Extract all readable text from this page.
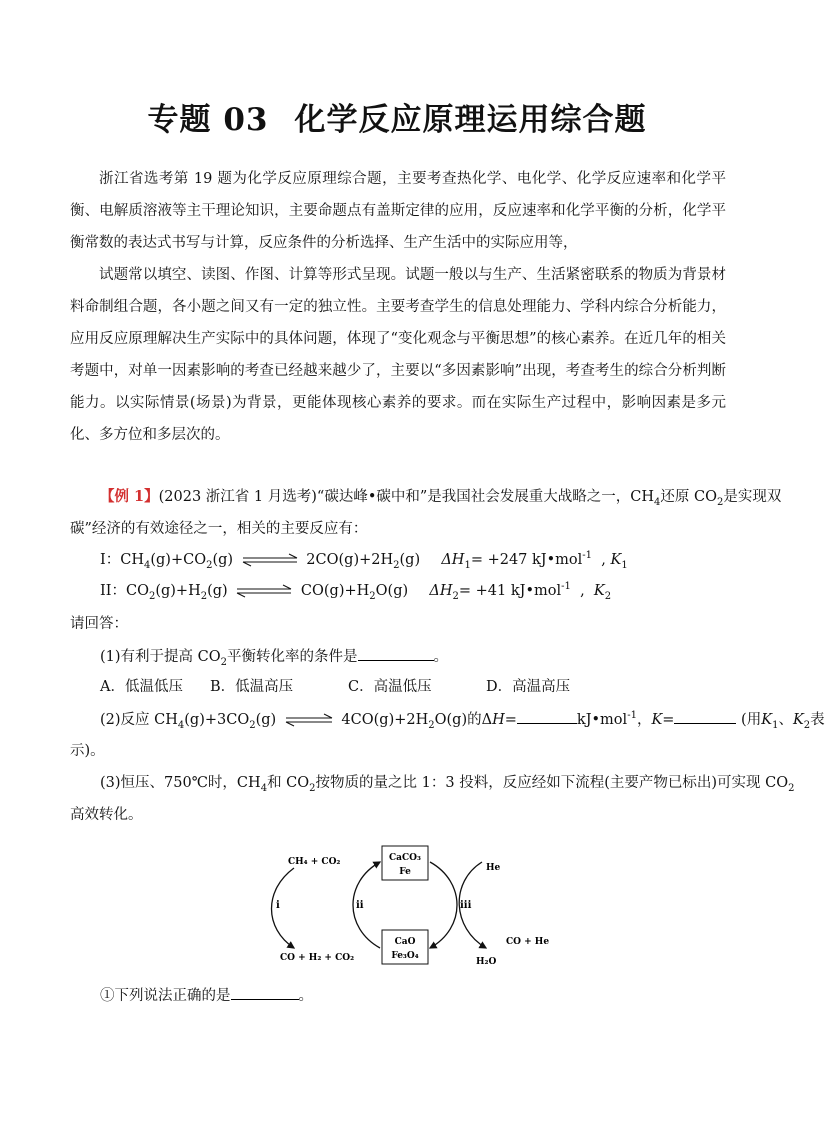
专题 03 化学反应原理运用综合题

浙江省选考第 19 题为化学反应原理综合题，主要考查热化学、电化学、化学反应速率和化学平衡、电解质溶液等主干理论知识，主要命题点有盖斯定律的应用，反应速率和化学平衡的分析，化学平衡常数的表达式书写与计算，反应条件的分析选择、生产生活中的实际应用等，

试题常以填空、读图、作图、计算等形式呈现。试题一般以与生产、生活紧密联系的物质为背景材料命制组合题，各小题之间又有一定的独立性。主要考查学生的信息处理能力、学科内综合分析能力，应用反应原理解决生产实际中的具体问题，体现了“变化观念与平衡思想”的核心素养。在近几年的相关考题中，对单一因素影响的考查已经越来越少了，主要以“多因素影响”出现，考查考生的综合分析判断能力。以实际情景(场景)为背景，更能体现核心素养的要求。而在实际生产过程中，影响因素是多元化、多方位和多层次的。

【例 1】(2023 浙江省 1 月选考)“碳达峰•碳中和”是我国社会发展重大战略之一，$CH_4$还原 $CO_2$是实现双
碳”经济的有效途径之一，相关的主要反应有：
I：$CH_4(g)+CO_2(g)$ ⇌ $2CO(g)+2H_2(g)$ $\Delta H_1= +247$ kJ•mol$^{-1}$  , $K_1$
II：$CO_2(g)+H_2(g)$ ⇌ $CO(g)+H_2O(g)$ $\Delta H_2= +41$ kJ•mol$^{-1}$  ,  $K_2$
请回答：
(1)有利于提高 $CO_2$平衡转化率的条件是	。
A．低温低压 B．低温高压	C．高温低压	D．高温高压
(2)反应 $CH_4(g)+3CO_2(g)$ ⇌ $4CO(g)+2H_2O(g)$的ΔH=	kJ•mol$^{-1}$，K=	(用$K_1$、$K_2$表
示)。
(3)恒压、750℃时，$CH_4$和 $CO_2$按物质的量之比 1：3 投料，反应经如下流程(主要产物已标出)可实现 $CO_2$
高效转化。
CH₄ + CO₂
CO + H₂ + CO₂
CaCO₃
Fe
CaO
Fe₃O₄
He
CO + He
H₂O
i	ii	iii
①下列说法正确的是	。
